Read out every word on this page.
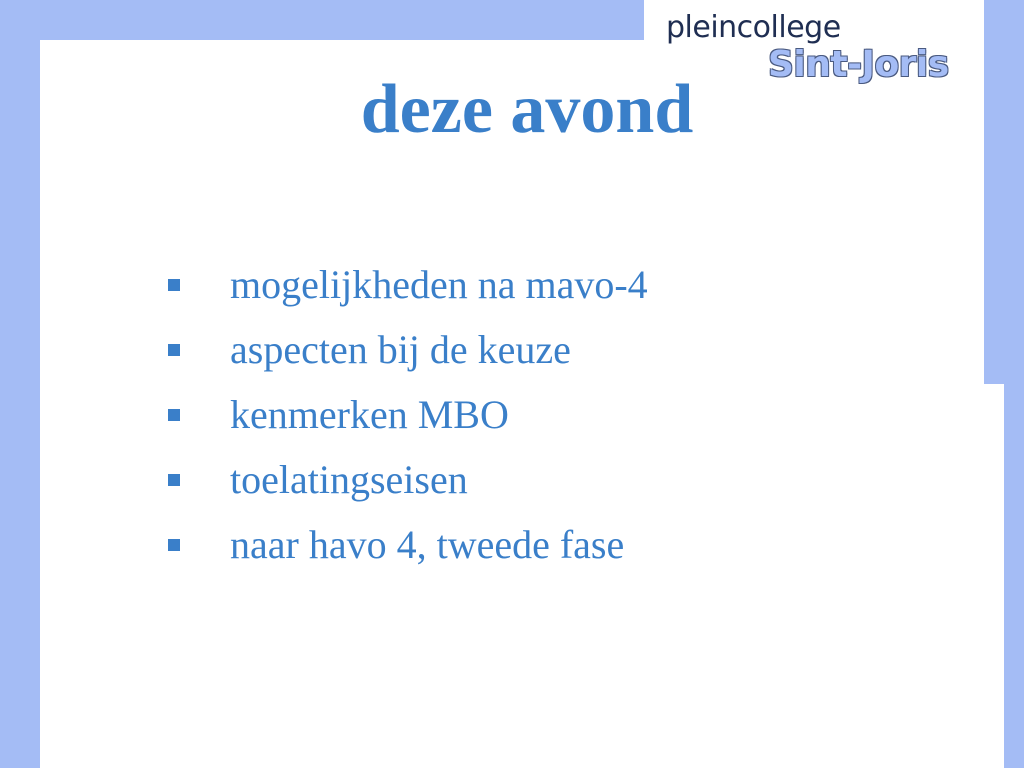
pleincollege
Sint-Joris
deze avond
mogelijkheden na mavo-4
aspecten bij de keuze
kenmerken MBO
toelatingseisen
naar havo 4, tweede fase
